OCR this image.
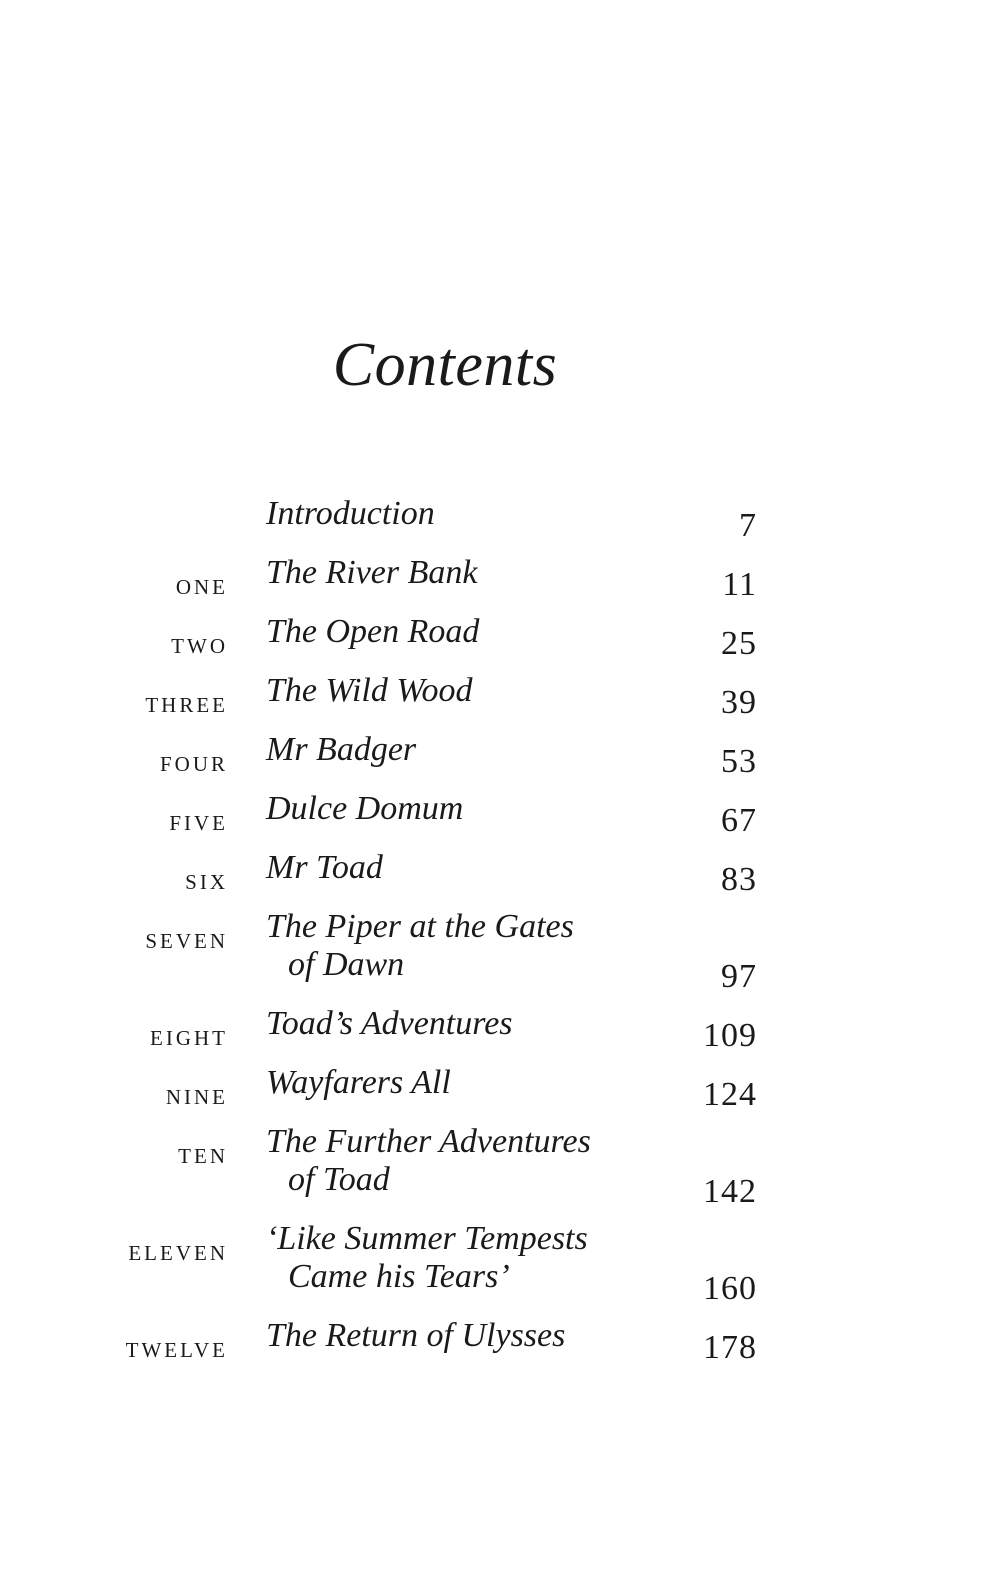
Contents
Introduction	7
one The River Bank	11
two The Open Road	25
three The Wild Wood	39
four Mr Badger	53
five Dulce Domum	67
six Mr Toad	83
seven The Piper at the Gates
of Dawn	97
eight Toad’s Adventures	109
nine Wayfarers All	124
ten The Further Adventures
of Toad	142
eleven ‘Like Summer Tempests
Came his Tears’	160
twelve The Return of Ulysses	178
